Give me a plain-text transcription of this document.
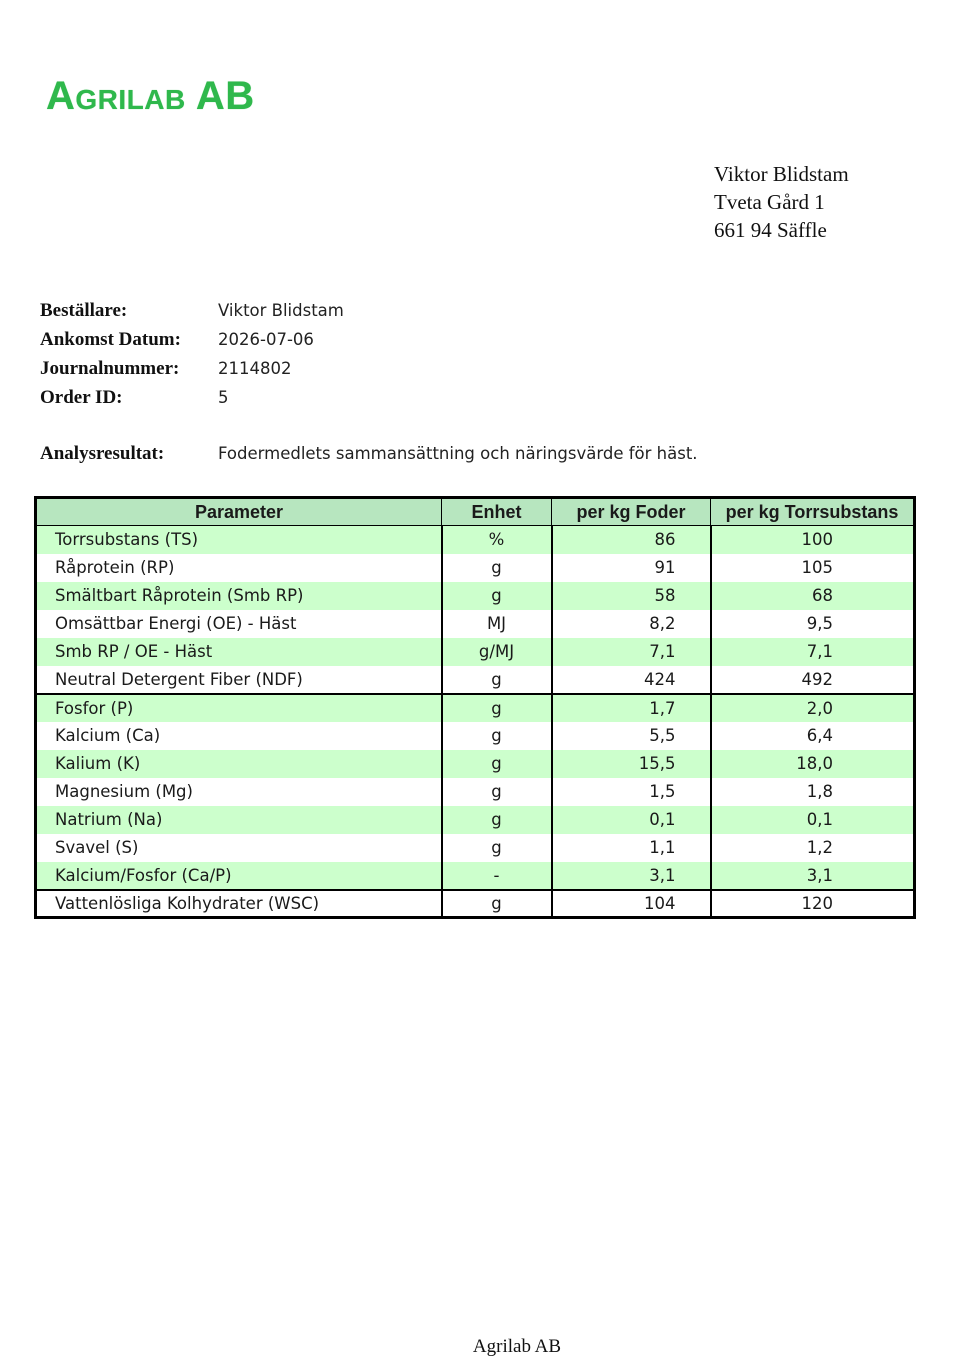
Agrilab AB
Viktor Blidstam
Tveta Gård 1
661 94 Säffle
Beställare:	Viktor Blidstam
Ankomst Datum: 2026-07-06
Journalnummer: 2114802
Order ID:	5
Analysresultat:	Fodermedlets sammansättning och näringsvärde för häst.
Parameter	Enhet	per kg Foder	per kg Torrsubstans
Torrsubstans (TS)	%	86	100
Råprotein (RP)	g	91	105
Smältbart Råprotein (Smb RP)	g	58	68
Omsättbar Energi (OE) - Häst	MJ	8,2	9,5
Smb RP / OE - Häst	g/MJ	7,1	7,1
Neutral Detergent Fiber (NDF)	g	424	492
Fosfor (P)	g	1,7	2,0
Kalcium (Ca)	g	5,5	6,4
Kalium (K)	g	15,5	18,0
Magnesium (Mg)	g	1,5	1,8
Natrium (Na)	g	0,1	0,1
Svavel (S)	g	1,1	1,2
Kalcium/Fosfor (Ca/P)	-	3,1	3,1
Vattenlösliga Kolhydrater (WSC)	g	104	120
Agrilab AB
